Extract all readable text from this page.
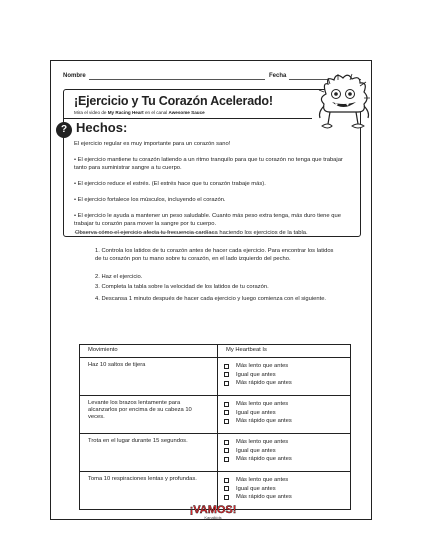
Nombre	Fecha
¡Ejercicio y Tu Corazón Acelerado!
Mira el video de My Racing Heart en el canal Awesome Sauce
? Hechos:
El ejercicio regular es muy importante para un corazón sano!
• El ejercicio mantiene tu corazón latiendo a un ritmo tranquilo para que tu corazón no tenga que trabajar tanto para suministrar sangre a tu cuerpo.
• El ejercicio reduce el estrés. (El estrés hace que tu corazón trabaje más).
• El ejercicio fortalece los músculos, incluyendo el corazón.
• El ejercicio le ayuda a mantener un peso saludable. Cuanto más peso extra tenga, más duro tiene que trabajar tu corazón para mover la sangre por tu cuerpo.
*nutrition.org heart.org ahajournals.org cdc.gov mayoclinic.org kidshealth.org healthychildren.org nhlbi.nih.gov webmd.com medlineplus.gov health.harvard.edu
Observa cómo el ejercicio afecta tu frecuencia cardíaca haciendo los ejercicios de la tabla.
1. Controla los latidos de tu corazón antes de hacer cada ejercicio. Para encontrar los latidos de tu corazón pon tu mano sobre tu corazón, en el lado izquierdo del pecho.
2. Haz el ejercicio.
3. Completa la tabla sobre la velocidad de los latidos de tu corazón.
4. Descansa 1 minuto después de hacer cada ejercicio y luego comienza con el siguiente.
Movimiento	My Heartbeat Is
Haz 10 saltos de tijera	Más lento que antes
Igual que antes
Más rápido que antes

Levante los brazos lentamente para alcanzarlos por encima de su cabeza 10 veces.	Más lento que antes
Igual que antes
Más rápido que antes

Trota en el lugar durante 15 segundos.	Más lento que antes
Igual que antes
Más rápido que antes

Toma 10 respiraciones lentas y profundas.	Más lento que antes
Igual que antes
Más rápido que antes
¡VAMOS!
Kanalkids
